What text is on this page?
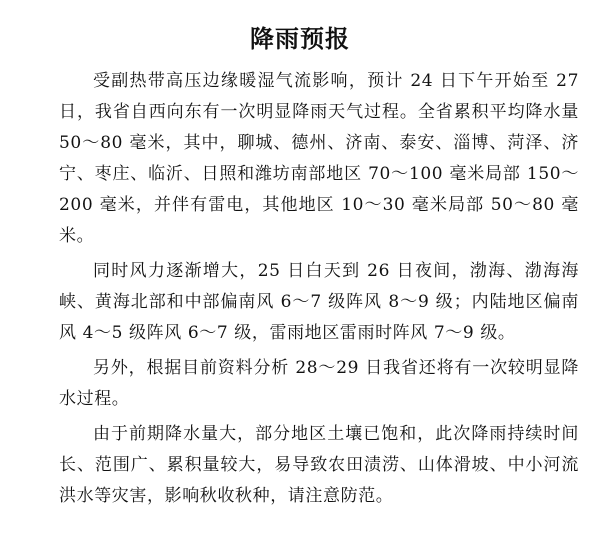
降雨预报

受副热带高压边缘暖湿气流影响，预计 24 日下午开始至 27 日，我省自西向东有一次明显降雨天气过程。全省累积平均降水量 50～80 毫米，其中，聊城、德州、济南、泰安、淄博、菏泽、济宁、枣庄、临沂、日照和潍坊南部地区 70～100 毫米局部 150～200 毫米，并伴有雷电，其他地区 10～30 毫米局部 50～80 毫米。

同时风力逐渐增大，25 日白天到 26 日夜间，渤海、渤海海峡、黄海北部和中部偏南风 6～7 级阵风 8～9 级；内陆地区偏南风 4～5 级阵风 6～7 级，雷雨地区雷雨时阵风 7～9 级。

另外，根据目前资料分析 28～29 日我省还将有一次较明显降水过程。

由于前期降水量大，部分地区土壤已饱和，此次降雨持续时间长、范围广、累积量较大，易导致农田渍涝、山体滑坡、中小河流洪水等灾害，影响秋收秋种，请注意防范。
